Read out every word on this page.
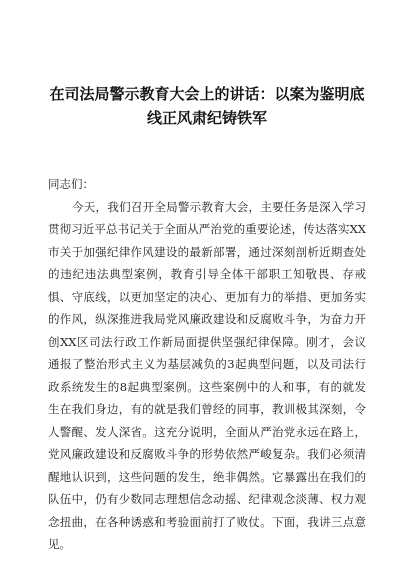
在司法局警示教育大会上的讲话：以案为鉴明底
线正风肃纪铸铁军

同志们：

今天，我们召开全局警示教育大会，主要任务是深入学习
贯彻习近平总书记关于全面从严治党的重要论述，传达落实XX
市关于加强纪律作风建设的最新部署，通过深刻剖析近期查处
的违纪违法典型案例，教育引导全体干部职工知敬畏、存戒
惧、守底线，以更加坚定的决心、更加有力的举措、更加务实
的作风，纵深推进我局党风廉政建设和反腐败斗争，为奋力开
创XX区司法行政工作新局面提供坚强纪律保障。刚才，会议
通报了整治形式主义为基层减负的3起典型问题，以及司法行
政系统发生的8起典型案例。这些案例中的人和事，有的就发
生在我们身边，有的就是我们曾经的同事，教训极其深刻，令
人警醒、发人深省。这充分说明，全面从严治党永远在路上，
党风廉政建设和反腐败斗争的形势依然严峻复杂。我们必须清
醒地认识到，这些问题的发生，绝非偶然。它暴露出在我们的
队伍中，仍有少数同志理想信念动摇、纪律观念淡薄、权力观
念扭曲，在各种诱惑和考验面前打了败仗。下面，我讲三点意
见。
